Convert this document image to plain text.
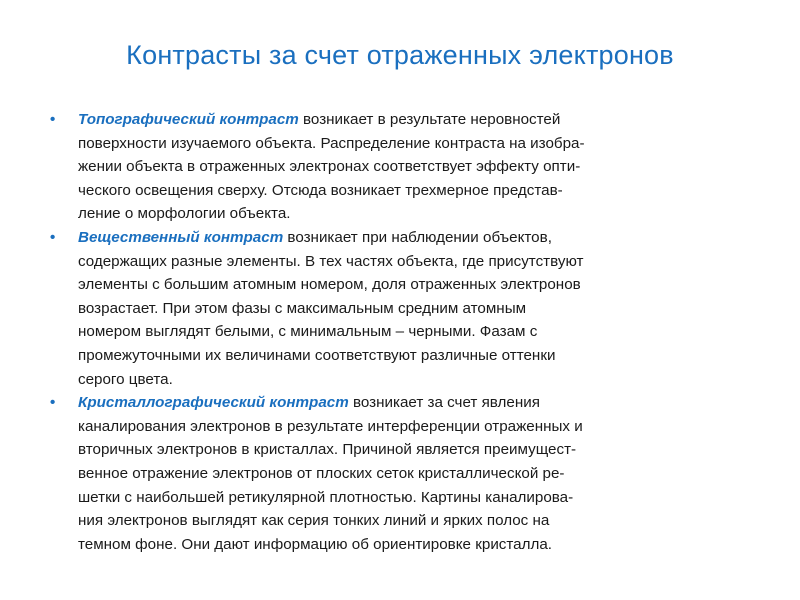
Контрасты за счет отраженных электронов
• Топографический контраст возникает в результате неровностей
поверхности изучаемого объекта. Распределение контраста на изобра-
жении объекта в отраженных электронах соответствует эффекту опти-
ческого освещения сверху. Отсюда возникает трехмерное представ-
ление о морфологии объекта.
• Вещественный контраст возникает при наблюдении объектов,
содержащих разные элементы. В тех частях объекта, где присутствуют
элементы с большим атомным номером, доля отраженных электронов
возрастает. При этом фазы с максимальным средним атомным
номером выглядят белыми, с минимальным – черными. Фазам с
промежуточными их величинами соответствуют различные оттенки
серого цвета.
• Кристаллографический контраст возникает за счет явления
каналирования электронов в результате интерференции отраженных и
вторичных электронов в кристаллах. Причиной является преимущест-
венное отражение электронов от плоских сеток кристаллической ре-
шетки с наибольшей ретикулярной плотностью. Картины каналирова-
ния электронов выглядят как серия тонких линий и ярких полос на
темном фоне. Они дают информацию об ориентировке кристалла.
